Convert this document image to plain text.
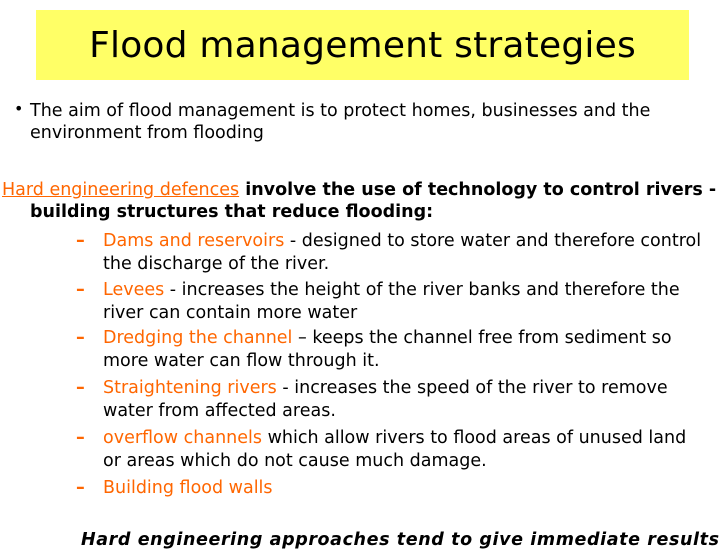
Flood management strategies
• The aim of flood management is to protect homes, businesses and the environment from flooding
Hard engineering defences involve the use of technology to control rivers - building structures that reduce flooding:
– Dams and reservoirs - designed to store water and therefore control the discharge of the river.
– Levees - increases the height of the river banks and therefore the river can contain more water
– Dredging the channel – keeps the channel free from sediment so more water can flow through it.
– Straightening rivers - increases the speed of the river to remove water from affected areas.
– overflow channels which allow rivers to flood areas of unused land or areas which do not cause much damage.
– Building flood walls
Hard engineering approaches tend to give immediate results
